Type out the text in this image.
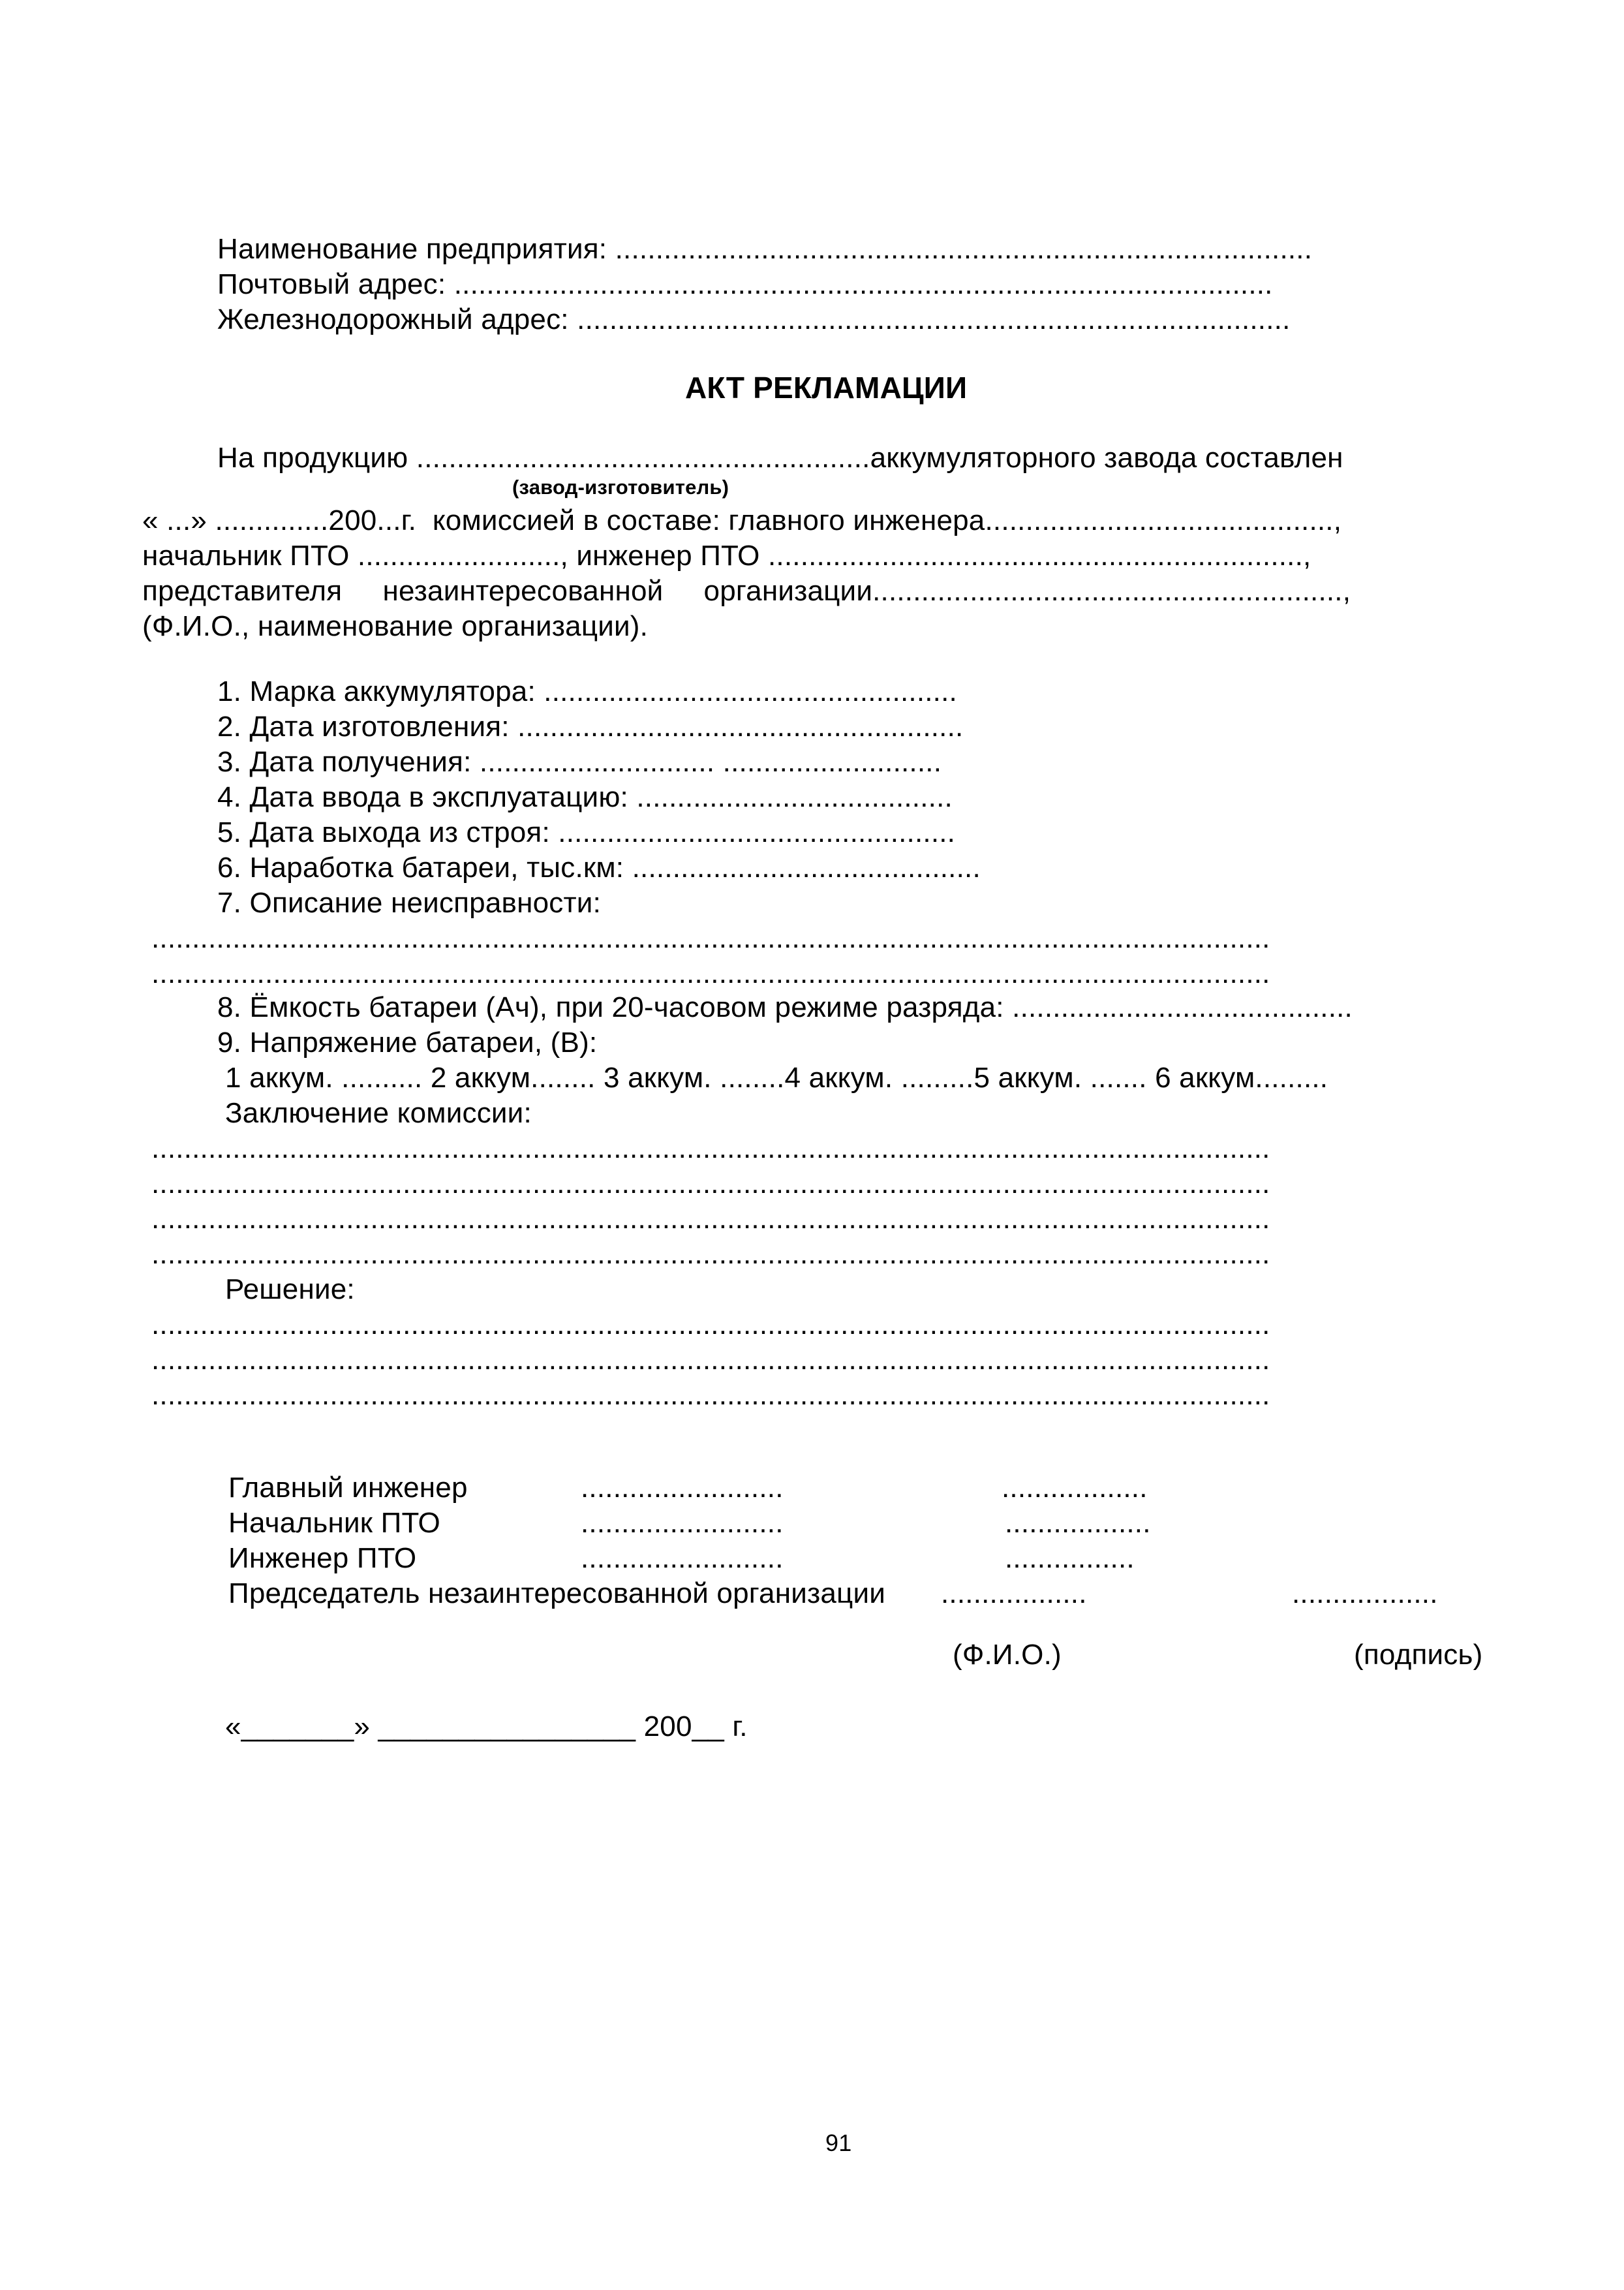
Наименование предприятия: ......................................................................................
Почтовый адрес: .....................................................................................................
Железнодорожный адрес: ........................................................................................
АКТ РЕКЛАМАЦИИ
На продукцию ........................................................аккумуляторного завода составлен
(завод-изготовитель)
« ...» ..............200...г.  комиссией в составе: главного инженера...........................................,
начальник ПТО ........................., инженер ПТО ..................................................................,
представителя     незаинтересованной     организации..........................................................,
(Ф.И.О., наименование организации).
1. Марка аккумулятора: ...................................................
2. Дата изготовления: .......................................................
3. Дата получения: ............................. ...........................
4. Дата ввода в эксплуатацию: .......................................
5. Дата выхода из строя: .................................................
6. Наработка батареи, тыс.км: ...........................................
7. Описание неисправности:
..........................................................................................................................................
..........................................................................................................................................
8. Ёмкость батареи (Ач), при 20-часовом режиме разряда: ..........................................
9. Напряжение батареи, (В):
1 аккум. .......... 2 аккум........ 3 аккум. ........4 аккум. .........5 аккум. ....... 6 аккум.........
Заключение комиссии:
..........................................................................................................................................
..........................................................................................................................................
..........................................................................................................................................
..........................................................................................................................................
Решение:
..........................................................................................................................................
..........................................................................................................................................
..........................................................................................................................................
Главный инженер	.........................	..................
Начальник ПТО	.........................	..................
Инженер ПТО	.........................	................
Председатель незаинтересованной организации ..................	..................
(Ф.И.О.)	(подпись)
«_______» ________________ 200__ г.
91
